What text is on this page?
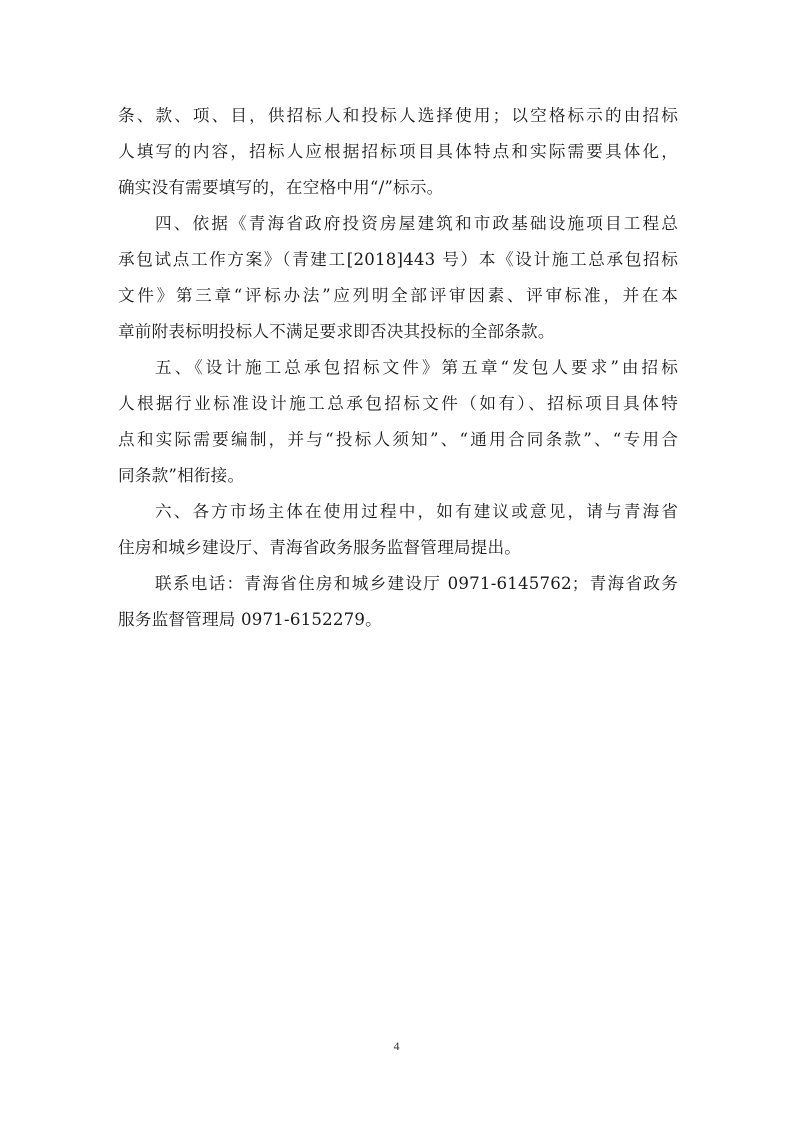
条、款、项、目，供招标人和投标人选择使用；以空格标示的由招标
人填写的内容，招标人应根据招标项目具体特点和实际需要具体化，
确实没有需要填写的，在空格中用“/”标示。
四、依据《青海省政府投资房屋建筑和市政基础设施项目工程总
承包试点工作方案》（青建工[2018]443 号）本《设计施工总承包招标
文件》第三章“评标办法”应列明全部评审因素、评审标准，并在本
章前附表标明投标人不满足要求即否决其投标的全部条款。
五、《设计施工总承包招标文件》第五章“发包人要求”由招标
人根据行业标准设计施工总承包招标文件（如有）、招标项目具体特
点和实际需要编制，并与“投标人须知”、“通用合同条款”、“专用合
同条款”相衔接。
六、各方市场主体在使用过程中，如有建议或意见，请与青海省
住房和城乡建设厅、青海省政务服务监督管理局提出。
联系电话：青海省住房和城乡建设厅 0971-6145762；青海省政务
服务监督管理局 0971-6152279。
4
